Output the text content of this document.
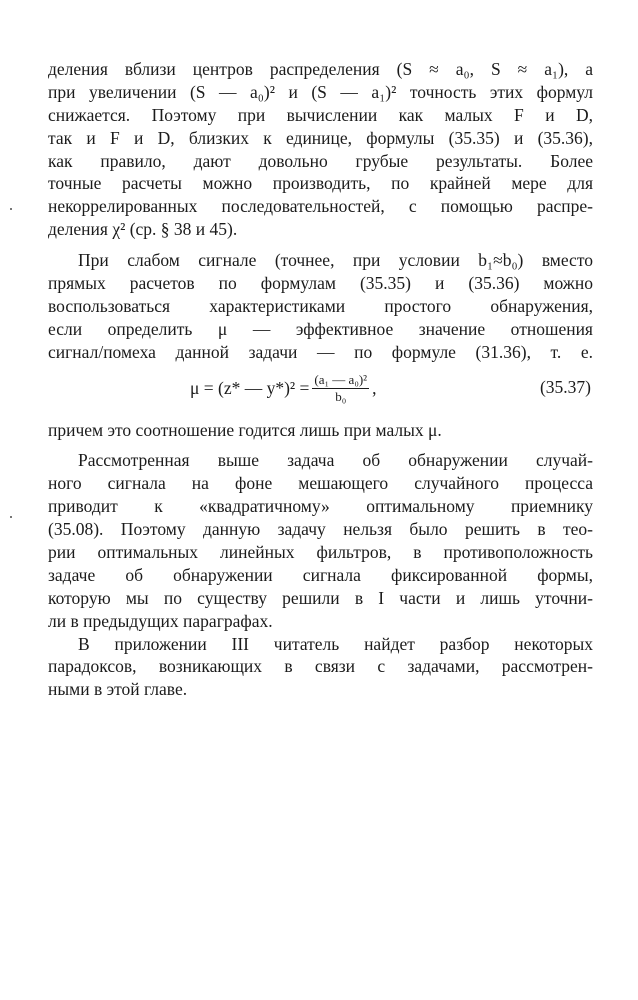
деления вблизи центров распределения (S ≈ a₀, S ≈ a₁), а
при увеличении (S — a₀)² и (S — a₁)² точность этих формул
снижается. Поэтому при вычислении как малых F и D,
так и F и D, близких к единице, формулы (35.35) и (35.36),
как правило, дают довольно грубые результаты. Более
точные расчеты можно производить, по крайней мере для
некоррелированных последовательностей, с помощью распре-
деления χ² (ср. § 38 и 45).
При слабом сигнале (точнее, при условии b₁≈b₀) вместо
прямых расчетов по формулам (35.35) и (35.36) можно
воспользоваться характеристиками простого обнаружения,
если определить μ — эффективное значение отношения
сигнал/помеха данной задачи — по формуле (31.36), т. е.
μ = (z* — $y*)^2 = \frac{\text{(a₁ — a₀)²}}{\text{b₀}}$ ,	(35.37)
причем это соотношение годится лишь при малых μ.
Рассмотренная выше задача об обнаружении случай-
ного сигнала на фоне мешающего случайного процесса
приводит к «квадратичному» оптимальному приемнику
(35.08). Поэтому данную задачу нельзя было решить в тео-
рии оптимальных линейных фильтров, в противоположность
задаче об обнаружении сигнала фиксированной формы,
которую мы по существу решили в I части и лишь уточни-
ли в предыдущих параграфах.
В приложении III читатель найдет разбор некоторых
парадоксов, возникающих в связи с задачами, рассмотрен-
ными в этой главе.
